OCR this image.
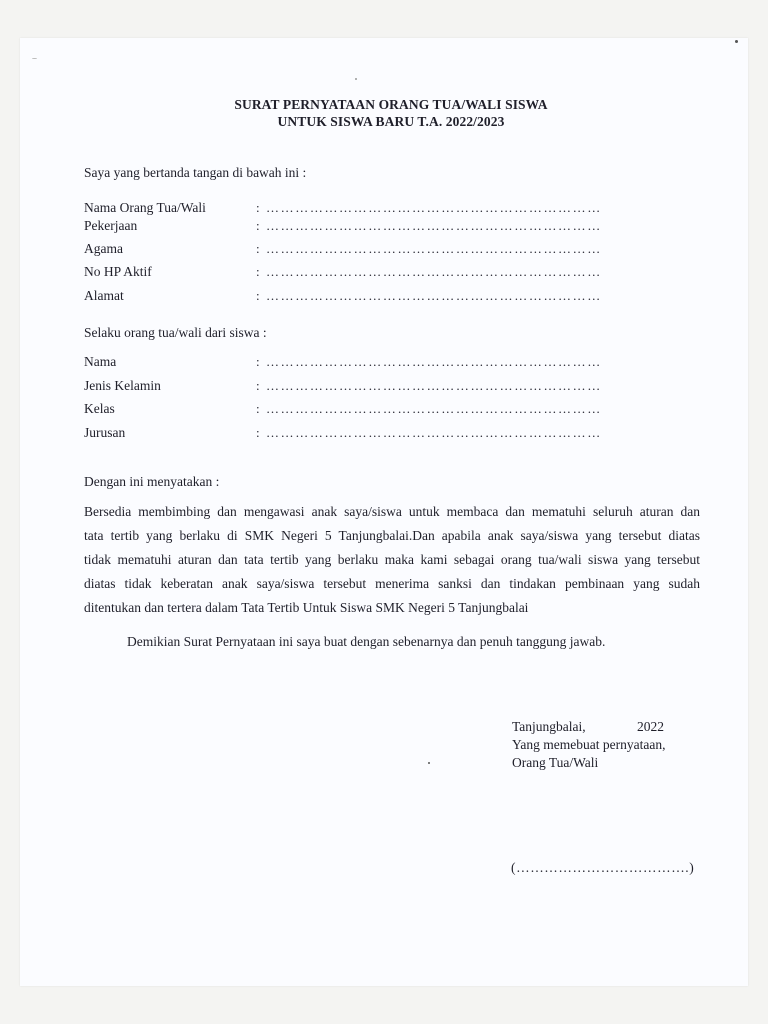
SURAT PERNYATAAN ORANG TUA/WALI SISWA
UNTUK SISWA BARU T.A. 2022/2023
Saya yang bertanda tangan di bawah ini :
Nama Orang Tua/Wali	: ……………………………………………………………
Pekerjaan	: ……………………………………………………………
Agama	: ……………………………………………………………
No HP Aktif	: ……………………………………………………………
Alamat	: ……………………………………………………………
Selaku orang tua/wali dari siswa :
Nama	: ……………………………………………………………
Jenis Kelamin	: ……………………………………………………………
Kelas	: ……………………………………………………………
Jurusan	: ……………………………………………………………
Dengan ini menyatakan :
Bersedia membimbing dan mengawasi anak saya/siswa untuk membaca dan mematuhi seluruh aturan dan
tata tertib yang berlaku di SMK Negeri 5 Tanjungbalai.Dan apabila anak saya/siswa yang tersebut diatas
tidak mematuhi aturan dan tata tertib yang berlaku maka kami sebagai orang tua/wali siswa yang tersebut
diatas tidak keberatan anak saya/siswa tersebut menerima sanksi dan tindakan pembinaan yang sudah
ditentukan dan tertera dalam Tata Tertib Untuk Siswa SMK Negeri 5 Tanjungbalai
Demikian Surat Pernyataan ini saya buat dengan sebenarnya dan penuh tanggung jawab.
Tanjungbalai,	2022
Yang memebuat pernyataan,
Orang Tua/Wali
(……………………………….)
